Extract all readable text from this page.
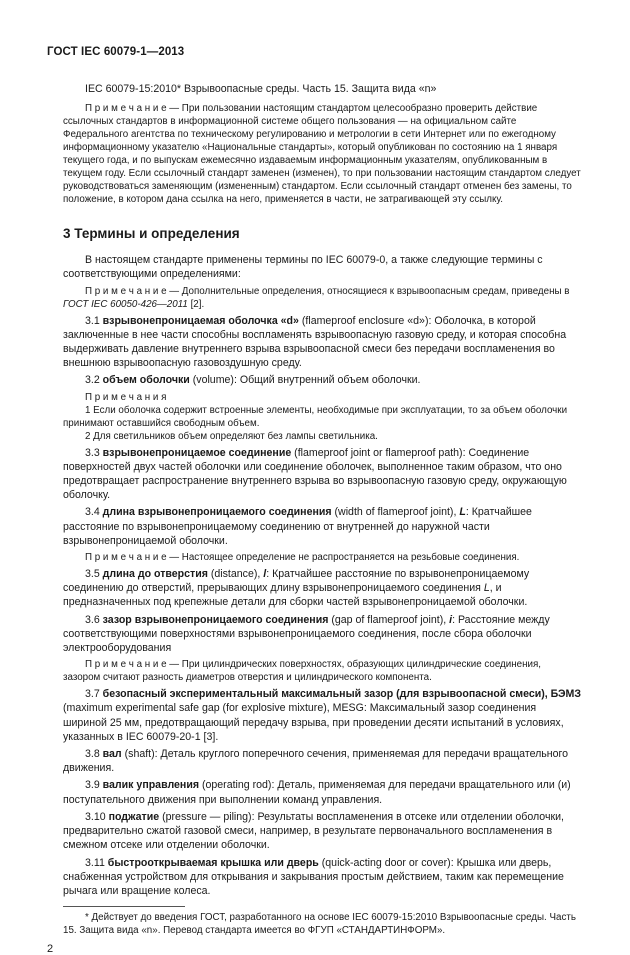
ГОСТ IEC 60079-1—2013

IEC 60079-15:2010* Взрывоопасные среды. Часть 15. Защита вида «n»

П р и м е ч а н и е — При пользовании настоящим стандартом целесообразно проверить действие ссылочных стандартов в информационной системе общего пользования — на официальном сайте Федерального агентства по техническому регулированию и метрологии в сети Интернет или по ежегодному информационному указателю «Национальные стандарты», который опубликован по состоянию на 1 января текущего года, и по выпускам ежемесячно издаваемым информационным указателям, опубликованным в текущем году. Если ссылочный стандарт заменен (изменен), то при пользовании настоящим стандартом следует руководствоваться заменяющим (измененным) стандартом. Если ссылочный стандарт отменен без замены, то положение, в котором дана ссылка на него, применяется в части, не затрагивающей эту ссылку.

3 Термины и определения

В настоящем стандарте применены термины по IEC 60079-0, а также следующие термины с соответствующими определениями:

П р и м е ч а н и е — Дополнительные определения, относящиеся к взрывоопасным средам, приведены в ГОСТ IEC 60050-426—2011 [2].

3.1 взрывонепроницаемая оболочка «d» (flameproof enclosure «d»): Оболочка, в которой заключенные в нее части способны воспламенять взрывоопасную газовую среду, и которая способна выдерживать давление внутреннего взрыва взрывоопасной смеси без передачи воспламенения во внешнюю взрывоопасную газовоздушную среду.

3.2 объем оболочки (volume): Общий внутренний объем оболочки.

П р и м е ч а н и я

1 Если оболочка содержит встроенные элементы, необходимые при эксплуатации, то за объем оболочки принимают оставшийся свободным объем.

2 Для светильников объем определяют без лампы светильника.

3.3 взрывонепроницаемое соединение (flameproof joint or flameproof path): Соединение поверхностей двух частей оболочки или соединение оболочек, выполненное таким образом, что оно предотвращает распространение внутреннего взрыва во взрывоопасную газовую среду, окружающую оболочку.

3.4 длина взрывонепроницаемого соединения (width of flameproof joint), L: Кратчайшее расстояние по взрывонепроницаемому соединению от внутренней до наружной части взрывонепроницаемой оболочки.

П р и м е ч а н и е — Настоящее определение не распространяется на резьбовые соединения.

3.5 длина до отверстия (distance), l: Кратчайшее расстояние по взрывонепроницаемому соединению до отверстий, прерывающих длину взрывонепроницаемого соединения L, и предназначенных под крепежные детали для сборки частей взрывонепроницаемой оболочки.

3.6 зазор взрывонепроницаемого соединения (gap of flameproof joint), i: Расстояние между соответствующими поверхностями взрывонепроницаемого соединения, после сбора оболочки электрооборудования

П р и м е ч а н и е — При цилиндрических поверхностях, образующих цилиндрические соединения, зазором считают разность диаметров отверстия и цилиндрического компонента.

3.7 безопасный экспериментальный максимальный зазор (для взрывоопасной смеси), БЭМЗ (maximum experimental safe gap (for explosive mixture), MESG: Максимальный зазор соединения шириной 25 мм, предотвращающий передачу взрыва, при проведении десяти испытаний в условиях, указанных в IEC 60079-20-1 [3].

3.8 вал (shaft): Деталь круглого поперечного сечения, применяемая для передачи вращательного движения.

3.9 валик управления (operating rod): Деталь, применяемая для передачи вращательного или (и) поступательного движения при выполнении команд управления.

3.10 поджатие (pressure — piling): Результаты воспламенения в отсеке или отделении оболочки, предварительно сжатой газовой смеси, например, в результате первоначального воспламенения в смежном отсеке или отделении оболочки.

3.11 быстрооткрываемая крышка или дверь (quick-acting door or cover): Крышка или дверь, снабженная устройством для открывания и закрывания простым действием, таким как перемещение рычага или вращение колеса.

* Действует до введения ГОСТ, разработанного на основе IEC 60079-15:2010 Взрывоопасные среды. Часть 15. Защита вида «n». Перевод стандарта имеется во ФГУП «СТАНДАРТИНФОРМ».

2
